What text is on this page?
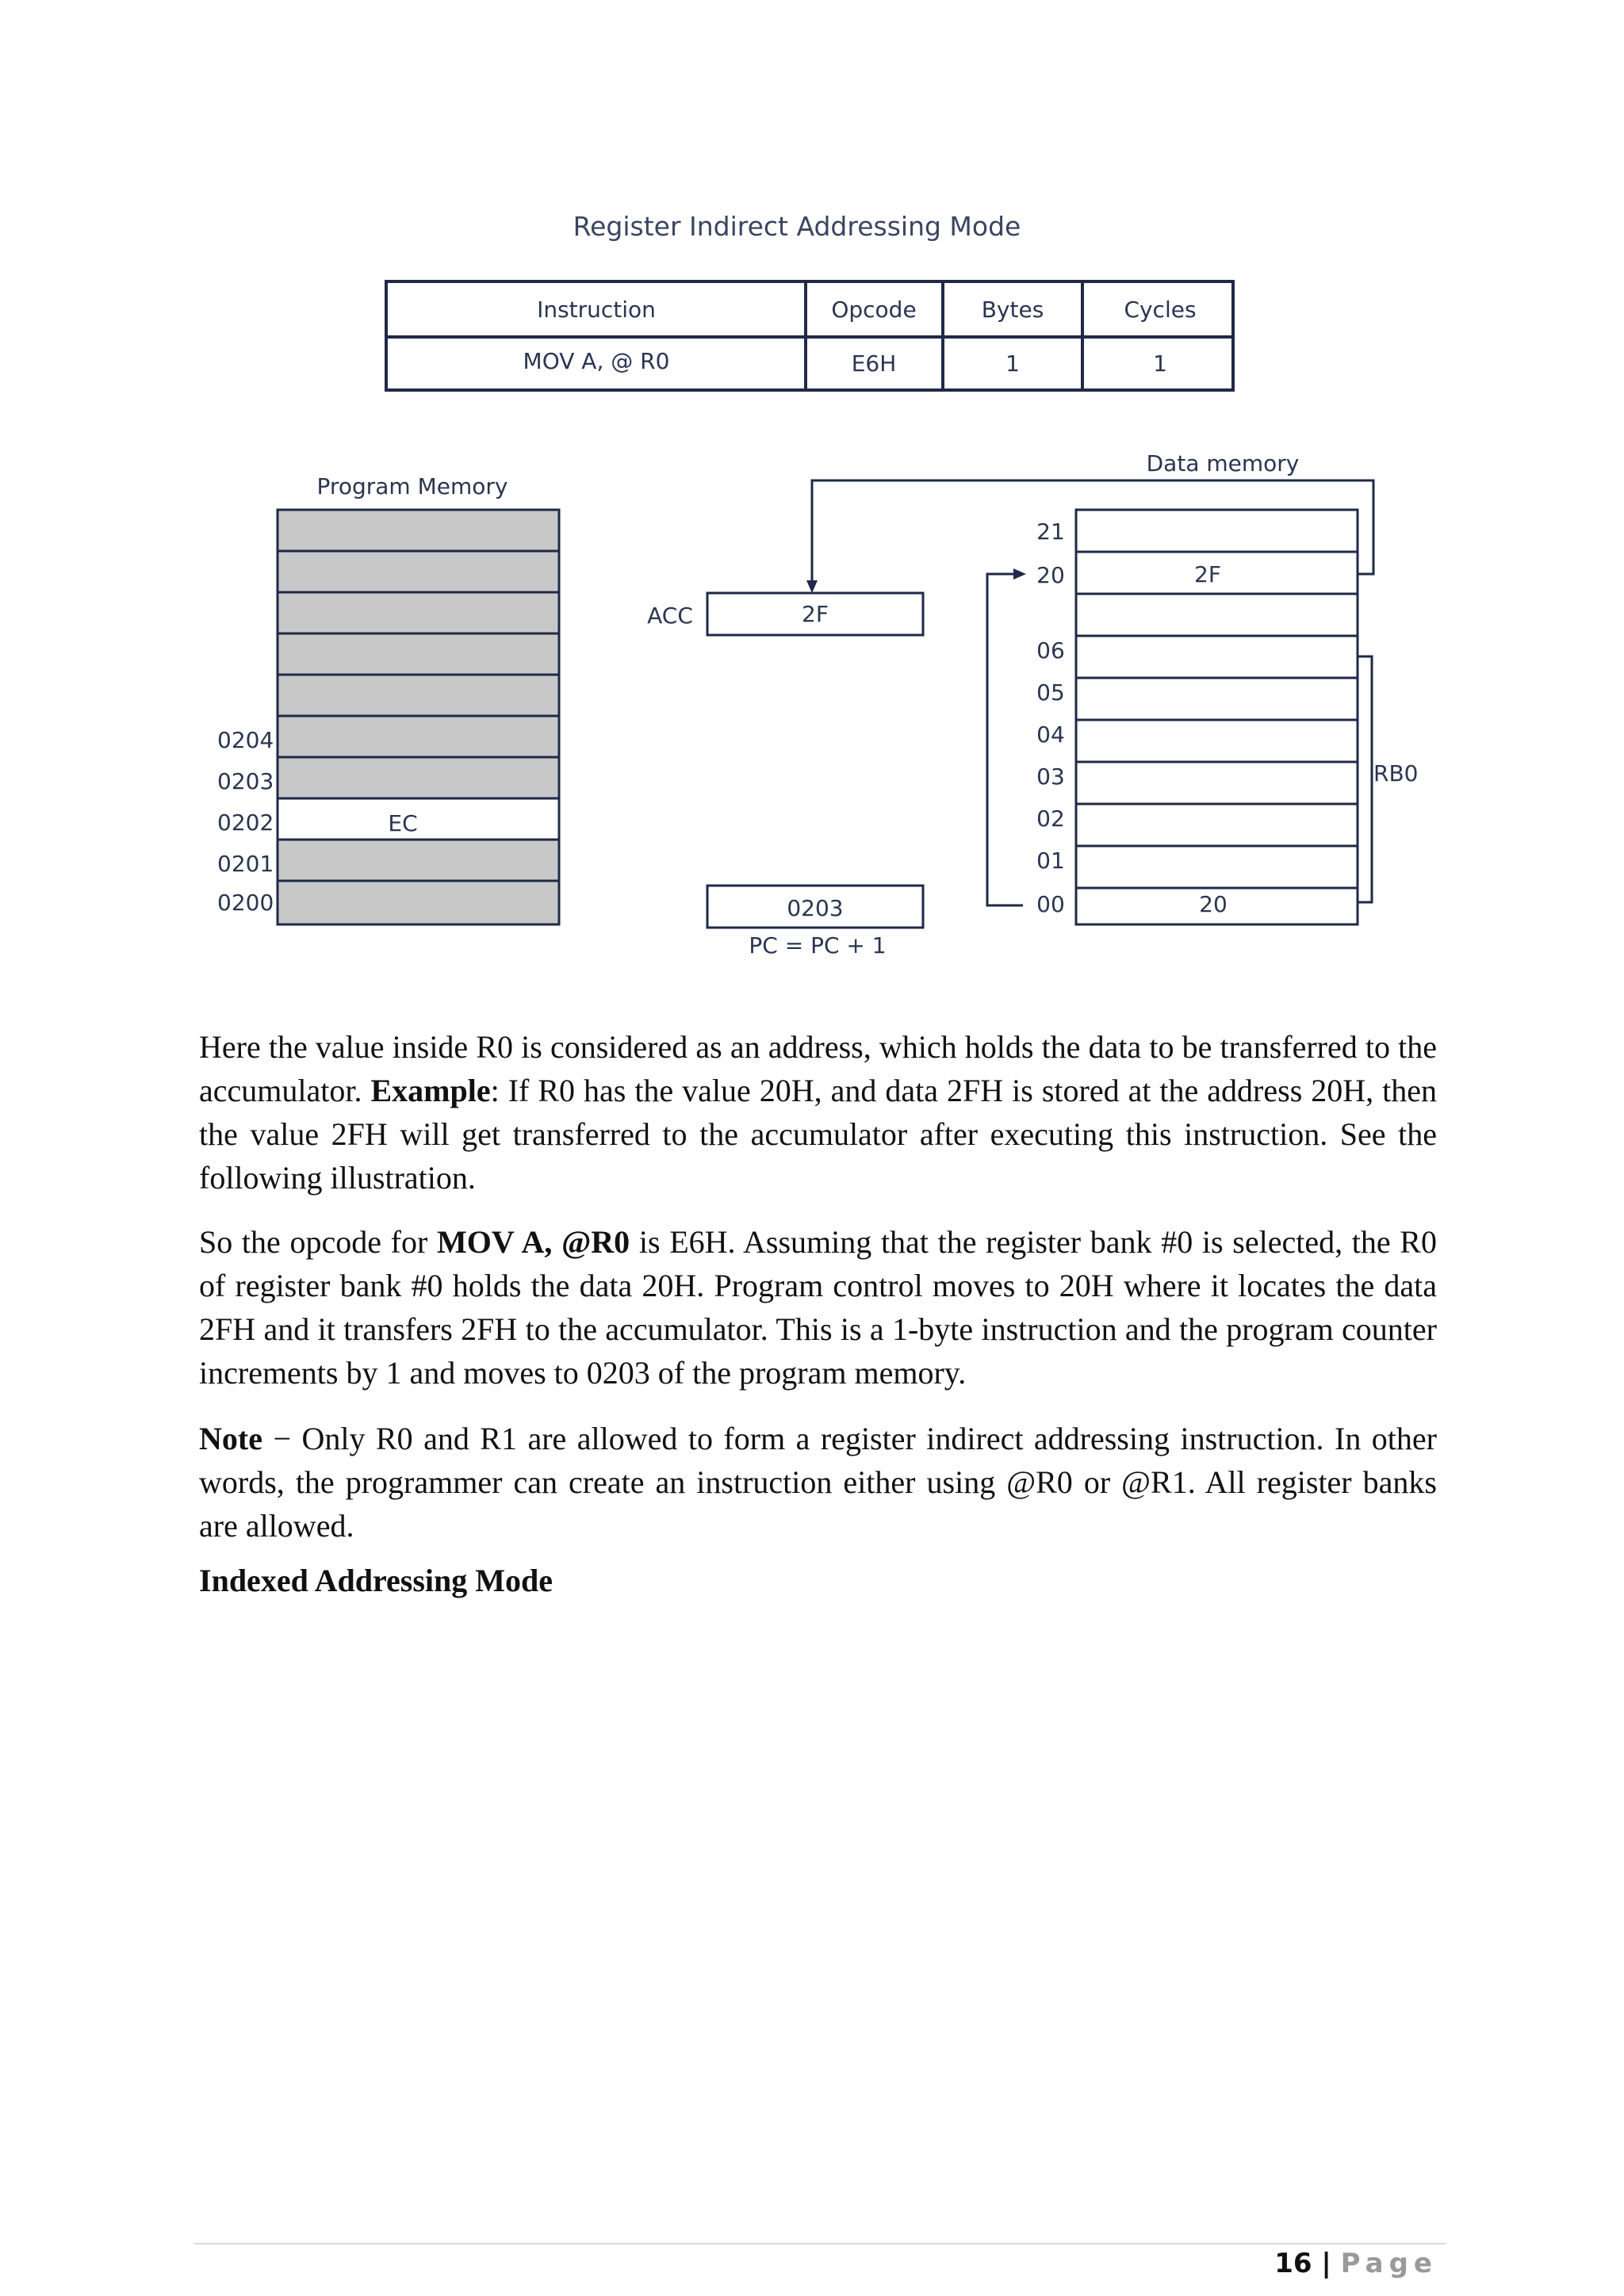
Register Indirect Addressing Mode
Instruction	Opcode	Bytes	Cycles
MOV A, @ R0	E6H	1	1
Program Memory
EC
0204
0203
0202
0201
0200
ACC	2F
0203
PC = PC + 1
Data memory
2F
20
21
20
06
05
04
03
02
01
00
RB0

Here the value inside R0 is considered as an address, which holds the data to be transferred to the accumulator. Example: If R0 has the value 20H, and data 2FH is stored at the address 20H, then the value 2FH will get transferred to the accumulator after executing this instruction. See the following illustration.

So the opcode for MOV A, @R0 is E6H. Assuming that the register bank #0 is selected, the R0 of register bank #0 holds the data 20H. Program control moves to 20H where it locates the data 2FH and it transfers 2FH to the accumulator. This is a 1-byte instruction and the program counter increments by 1 and moves to 0203 of the program memory.

Note − Only R0 and R1 are allowed to form a register indirect addressing instruction. In other words, the programmer can create an instruction either using @R0 or @R1. All register banks are allowed.

Indexed Addressing Mode

16 | Page
